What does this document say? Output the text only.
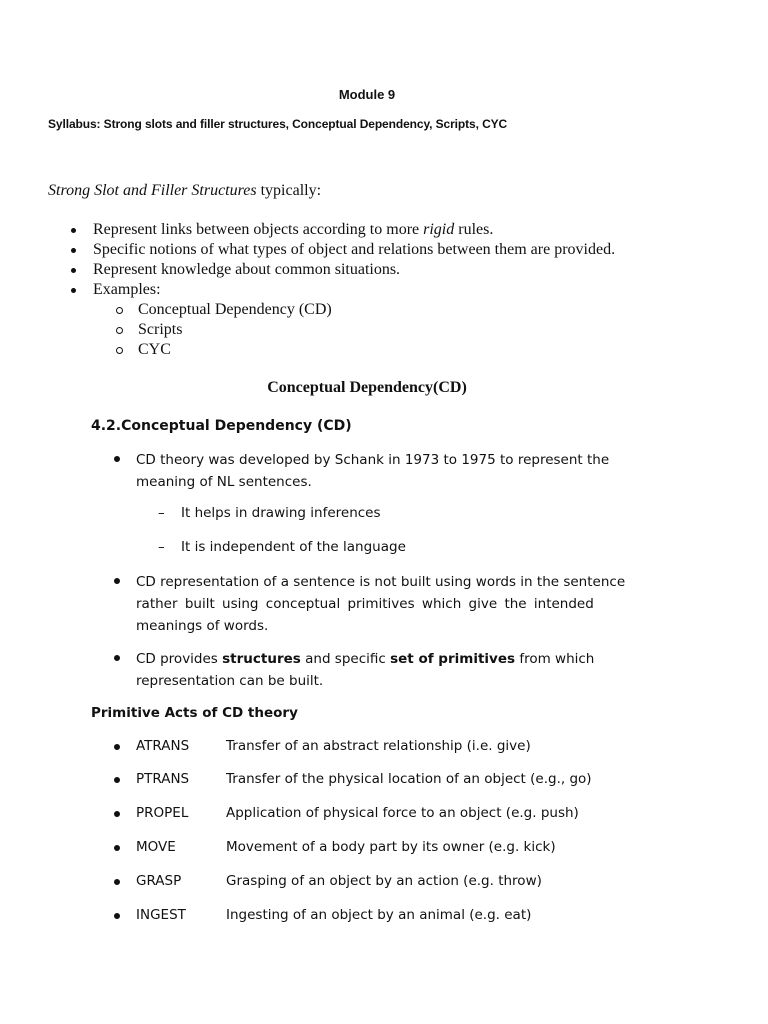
Module 9
Syllabus: Strong slots and filler structures, Conceptual Dependency, Scripts, CYC
Strong Slot and Filler Structures typically:
Represent links between objects according to more rigid rules.
Specific notions of what types of object and relations between them are provided.
Represent knowledge about common situations.
Examples:
Conceptual Dependency (CD)
Scripts
CYC
Conceptual Dependency(CD)
4.2.Conceptual Dependency (CD)
CD theory was developed by Schank in 1973 to 1975 to represent the
meaning of NL sentences.
– It helps in drawing inferences
– It is independent of the language
CD representation of a sentence is not built using words in the sentence
rather built using conceptual primitives which give the intended
meanings of words.
CD provides structures and specific set of primitives from which
representation can be built.
Primitive Acts of CD theory
ATRANS	Transfer of an abstract relationship (i.e. give)
PTRANS	Transfer of the physical location of an object (e.g., go)
PROPEL	Application of physical force to an object (e.g. push)
MOVE	Movement of a body part by its owner (e.g. kick)
GRASP	Grasping of an object by an action (e.g. throw)
INGEST	Ingesting of an object by an animal (e.g. eat)
